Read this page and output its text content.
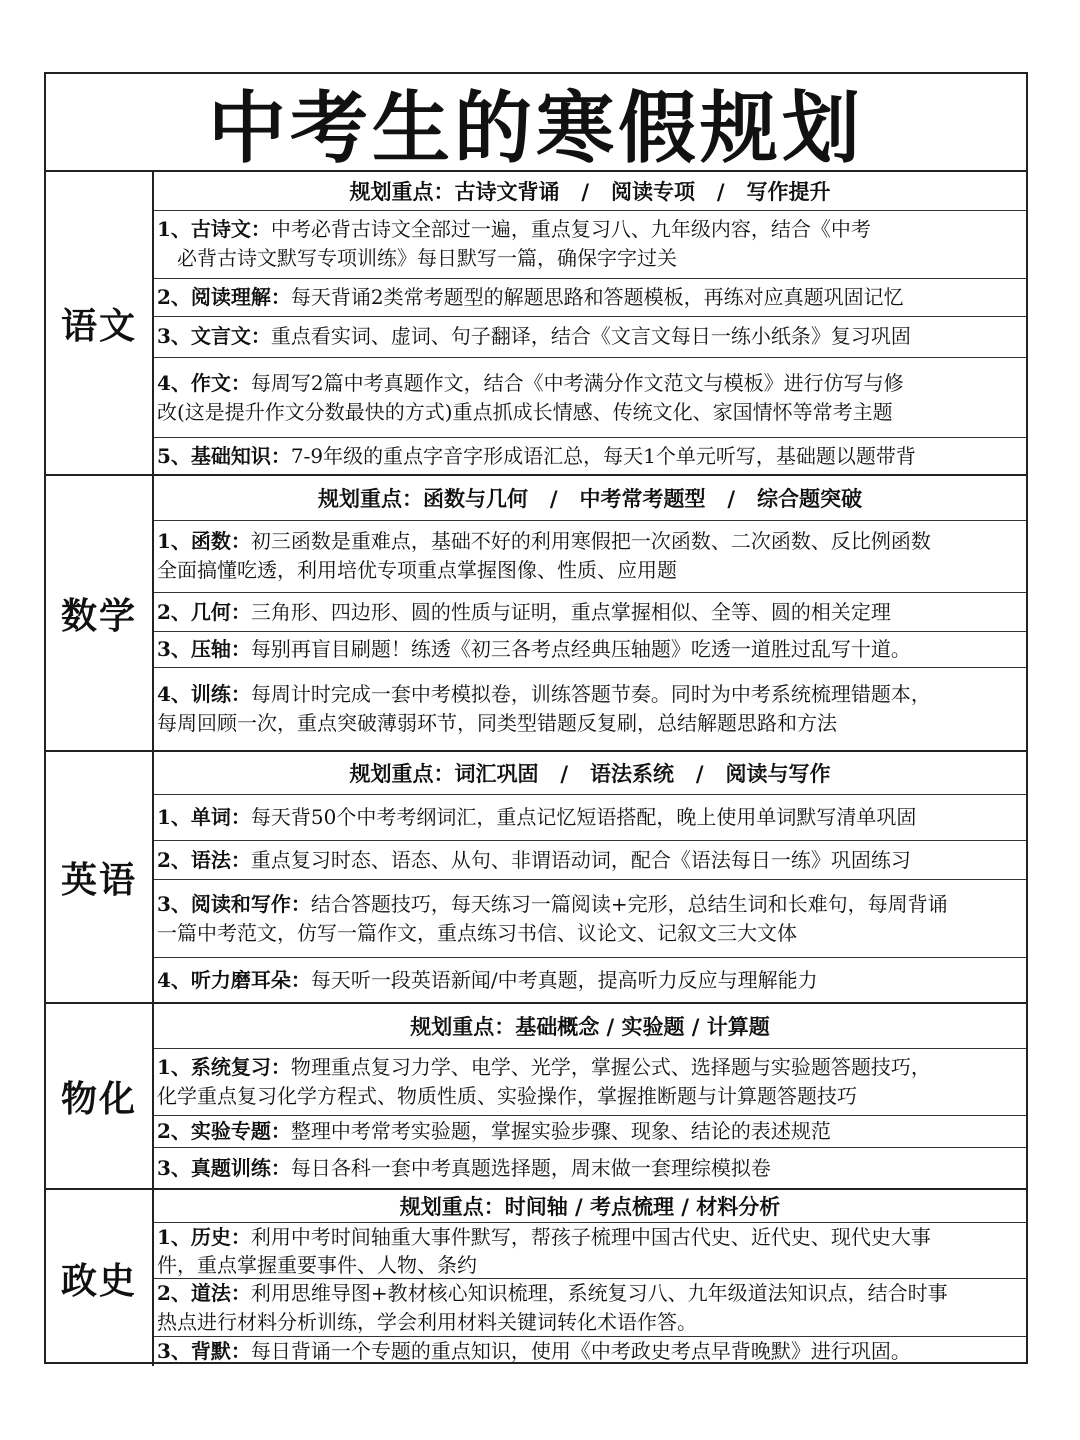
中考生的寒假规划
语文
规划重点：古诗文背诵   /   阅读专项   /   写作提升
1、古诗文：中考必背古诗文全部过一遍，重点复习八、九年级内容，结合《中考
必背古诗文默写专项训练》每日默写一篇，确保字字过关
2、阅读理解：每天背诵2类常考题型的解题思路和答题模板，再练对应真题巩固记忆
3、文言文：重点看实词、虚词、句子翻译，结合《文言文每日一练小纸条》复习巩固
4、作文：每周写2篇中考真题作文，结合《中考满分作文范文与模板》进行仿写与修
改(这是提升作文分数最快的方式)重点抓成长情感、传统文化、家国情怀等常考主题
5、基础知识：7-9年级的重点字音字形成语汇总，每天1个单元听写，基础题以题带背
数学
规划重点：函数与几何   /   中考常考题型   /   综合题突破
1、函数：初三函数是重难点，基础不好的利用寒假把一次函数、二次函数、反比例函数
全面搞懂吃透，利用培优专项重点掌握图像、性质、应用题
2、几何：三角形、四边形、圆的性质与证明，重点掌握相似、全等、圆的相关定理
3、压轴：每别再盲目刷题！练透《初三各考点经典压轴题》吃透一道胜过乱写十道。
4、训练：每周计时完成一套中考模拟卷，训练答题节奏。同时为中考系统梳理错题本，
每周回顾一次，重点突破薄弱环节，同类型错题反复刷，总结解题思路和方法
英语
规划重点：词汇巩固   /   语法系统   /   阅读与写作
1、单词：每天背50个中考考纲词汇，重点记忆短语搭配，晚上使用单词默写清单巩固
2、语法：重点复习时态、语态、从句、非谓语动词，配合《语法每日一练》巩固练习
3、阅读和写作：结合答题技巧，每天练习一篇阅读+完形，总结生词和长难句，每周背诵
一篇中考范文，仿写一篇作文，重点练习书信、议论文、记叙文三大文体
4、听力磨耳朵：每天听一段英语新闻/中考真题，提高听力反应与理解能力
物化
规划重点：基础概念 / 实验题 / 计算题
1、系统复习：物理重点复习力学、电学、光学，掌握公式、选择题与实验题答题技巧，
化学重点复习化学方程式、物质性质、实验操作，掌握推断题与计算题答题技巧
2、实验专题：整理中考常考实验题，掌握实验步骤、现象、结论的表述规范
3、真题训练：每日各科一套中考真题选择题，周末做一套理综模拟卷
政史
规划重点：时间轴 / 考点梳理 / 材料分析
1、历史：利用中考时间轴重大事件默写，帮孩子梳理中国古代史、近代史、现代史大事
件，重点掌握重要事件、人物、条约
2、道法：利用思维导图+教材核心知识梳理，系统复习八、九年级道法知识点，结合时事
热点进行材料分析训练，学会利用材料关键词转化术语作答。
3、背默：每日背诵一个专题的重点知识，使用《中考政史考点早背晚默》进行巩固。
